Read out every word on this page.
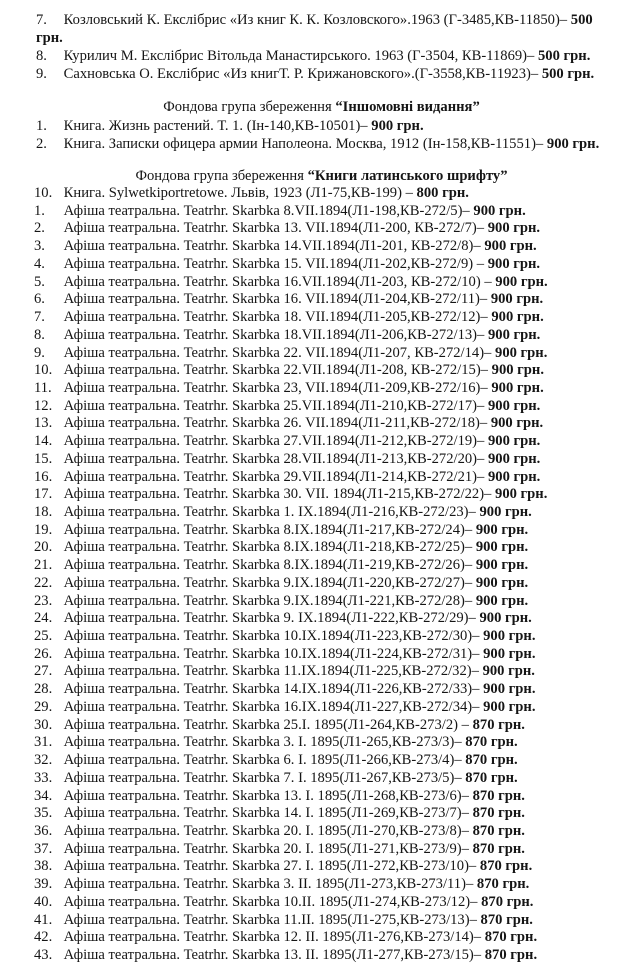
7. Козловський К. Екслібрис «Из книг К. К. Козловского».1963 (Г-3485,КВ-11850)– 500
грн.
8. Курилич М. Екслібрис Вітольда Манастирського. 1963 (Г-3504, КВ-11869)– 500 грн.
9. Сахновська О. Екслібрис «Из книгТ. Р. Крижановского».(Г-3558,КВ-11923)– 500 грн.
Фондова група збереження “Іншомовні видання”
1. Книга. Жизнь растений. Т. 1. (Ін-140,КВ-10501)– 900 грн.
2. Книга. Записки офицера армии Наполеона. Москва, 1912 (Ін-158,КВ-11551)– 900 грн.
Фондова група збереження “Книги латинського шрифту”
10. Книга. Sylwetkiportretowe. Львів, 1923 (Л1-75,КВ-199) – 800 грн.
1. Афіша театральна. Teatrhr. Skarbka 8.VII.1894(Л1-198,КВ-272/5)– 900 грн.
2. Афіша театральна. Teatrhr. Skarbka 13. VII.1894(Л1-200, КВ-272/7)– 900 грн.
3. Афіша театральна. Teatrhr. Skarbka 14.VII.1894(Л1-201, КВ-272/8)– 900 грн.
4. Афіша театральна. Teatrhr. Skarbka 15. VII.1894(Л1-202,КВ-272/9) – 900 грн.
5. Афіша театральна. Teatrhr. Skarbka 16.VII.1894(Л1-203, КВ-272/10) – 900 грн.
6. Афіша театральна. Teatrhr. Skarbka 16. VII.1894(Л1-204,КВ-272/11)– 900 грн.
7. Афіша театральна. Teatrhr. Skarbka 18. VII.1894(Л1-205,КВ-272/12)– 900 грн.
8. Афіша театральна. Teatrhr. Skarbka 18.VII.1894(Л1-206,КВ-272/13)– 900 грн.
9. Афіша театральна. Teatrhr. Skarbka 22. VII.1894(Л1-207, КВ-272/14)– 900 грн.
10. Афіша театральна. Teatrhr. Skarbka 22.VII.1894(Л1-208, КВ-272/15)– 900 грн.
11. Афіша театральна. Teatrhr. Skarbka 23, VII.1894(Л1-209,КВ-272/16)– 900 грн.
12. Афіша театральна. Teatrhr. Skarbka 25.VII.1894(Л1-210,КВ-272/17)– 900 грн.
13. Афіша театральна. Teatrhr. Skarbka 26. VII.1894(Л1-211,КВ-272/18)– 900 грн.
14. Афіша театральна. Teatrhr. Skarbka 27.VII.1894(Л1-212,КВ-272/19)– 900 грн.
15. Афіша театральна. Teatrhr. Skarbka 28.VII.1894(Л1-213,КВ-272/20)– 900 грн.
16. Афіша театральна. Teatrhr. Skarbka 29.VII.1894(Л1-214,КВ-272/21)– 900 грн.
17. Афіша театральна. Teatrhr. Skarbka 30. VII. 1894(Л1-215,КВ-272/22)– 900 грн.
18. Афіша театральна. Teatrhr. Skarbka 1. IX.1894(Л1-216,КВ-272/23)– 900 грн.
19. Афіша театральна. Teatrhr. Skarbka 8.IX.1894(Л1-217,КВ-272/24)– 900 грн.
20. Афіша театральна. Teatrhr. Skarbka 8.IX.1894(Л1-218,КВ-272/25)– 900 грн.
21. Афіша театральна. Teatrhr. Skarbka 8.IX.1894(Л1-219,КВ-272/26)– 900 грн.
22. Афіша театральна. Teatrhr. Skarbka 9.IX.1894(Л1-220,КВ-272/27)– 900 грн.
23. Афіша театральна. Teatrhr. Skarbka 9.IX.1894(Л1-221,КВ-272/28)– 900 грн.
24. Афіша театральна. Teatrhr. Skarbka 9. IX.1894(Л1-222,КВ-272/29)– 900 грн.
25. Афіша театральна. Teatrhr. Skarbka 10.IX.1894(Л1-223,КВ-272/30)– 900 грн.
26. Афіша театральна. Teatrhr. Skarbka 10.IX.1894(Л1-224,КВ-272/31)– 900 грн.
27. Афіша театральна. Teatrhr. Skarbka 11.IX.1894(Л1-225,КВ-272/32)– 900 грн.
28. Афіша театральна. Teatrhr. Skarbka 14.IX.1894(Л1-226,КВ-272/33)– 900 грн.
29. Афіша театральна. Teatrhr. Skarbka 16.IX.1894(Л1-227,КВ-272/34)– 900 грн.
30. Афіша театральна. Teatrhr. Skarbka 25.I. 1895(Л1-264,КВ-273/2) – 870 грн.
31. Афіша театральна. Teatrhr. Skarbka 3. I. 1895(Л1-265,КВ-273/3)– 870 грн.
32. Афіша театральна. Teatrhr. Skarbka 6. I. 1895(Л1-266,КВ-273/4)– 870 грн.
33. Афіша театральна. Teatrhr. Skarbka 7. I. 1895(Л1-267,КВ-273/5)– 870 грн.
34. Афіша театральна. Teatrhr. Skarbka 13. I. 1895(Л1-268,КВ-273/6)– 870 грн.
35. Афіша театральна. Teatrhr. Skarbka 14. I. 1895(Л1-269,КВ-273/7)– 870 грн.
36. Афіша театральна. Teatrhr. Skarbka 20. I. 1895(Л1-270,КВ-273/8)– 870 грн.
37. Афіша театральна. Teatrhr. Skarbka 20. I. 1895(Л1-271,КВ-273/9)– 870 грн.
38. Афіша театральна. Teatrhr. Skarbka 27. I. 1895(Л1-272,КВ-273/10)– 870 грн.
39. Афіша театральна. Teatrhr. Skarbka 3. II. 1895(Л1-273,КВ-273/11)– 870 грн.
40. Афіша театральна. Teatrhr. Skarbka 10.II. 1895(Л1-274,КВ-273/12)– 870 грн.
41. Афіша театральна. Teatrhr. Skarbka 11.II. 1895(Л1-275,КВ-273/13)– 870 грн.
42. Афіша театральна. Teatrhr. Skarbka 12. II. 1895(Л1-276,КВ-273/14)– 870 грн.
43. Афіша театральна. Teatrhr. Skarbka 13. II. 1895(Л1-277,КВ-273/15)– 870 грн.
